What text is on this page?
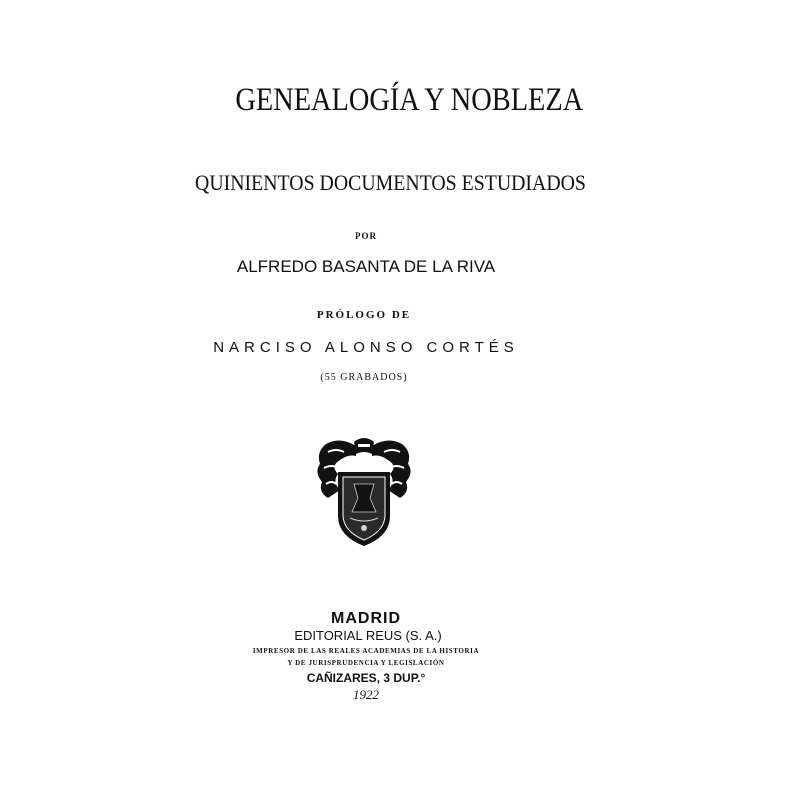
GENEALOGÍA Y NOBLEZA
QUINIENTOS DOCUMENTOS ESTUDIADOS
POR
ALFREDO BASANTA DE LA RIVA
PRÓLOGO DE
NARCISO ALONSO CORTÉS
(55 GRABADOS)
MADRID
EDITORIAL REUS (S. A.)
IMPRESOR DE LAS REALES ACADEMIAS DE LA HISTORIA
Y DE JURISPRUDENCIA Y LEGISLACIÓN
CAÑIZARES, 3 DUP.°
1922
